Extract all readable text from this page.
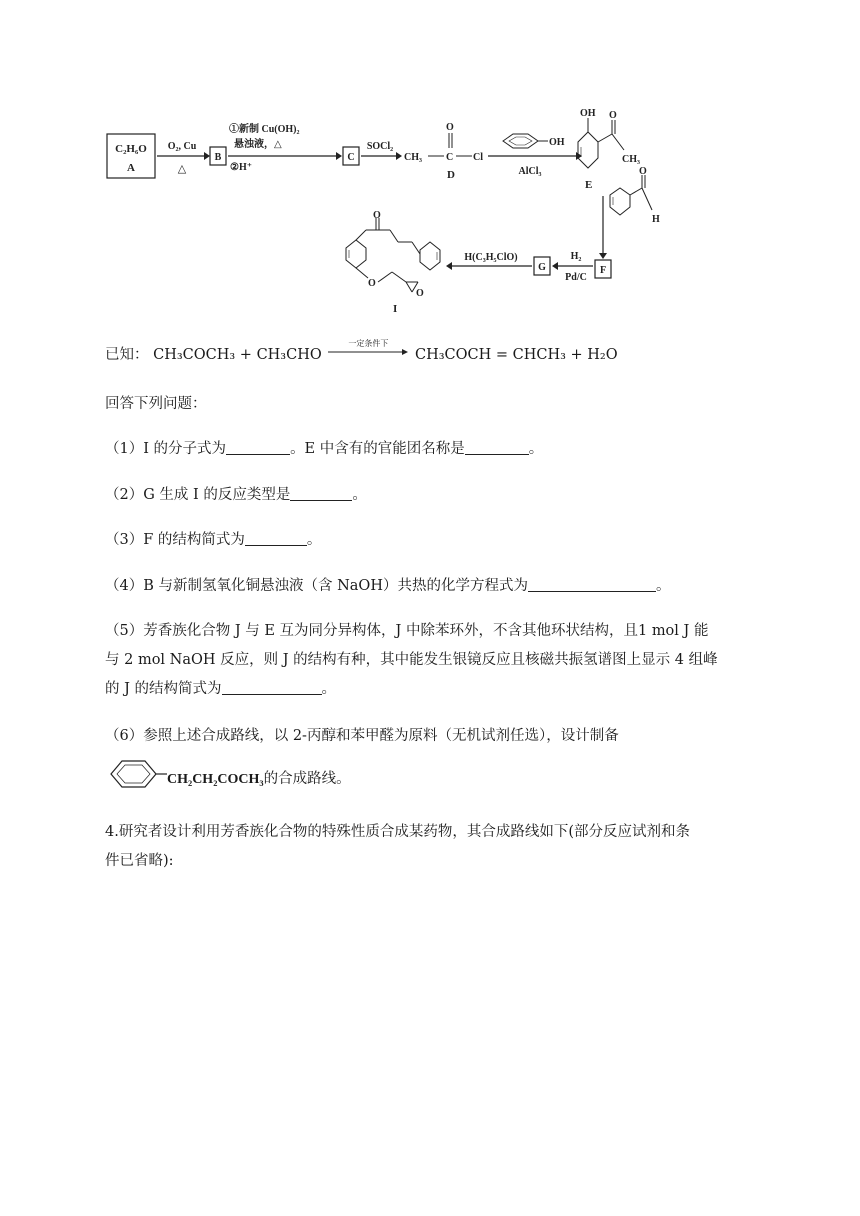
C₂H₆O
A
O₂, Cu
△
B
①新制 Cu(OH)₂
悬浊液，△
②H⁺
C
SOCl₂
CH₃ C
O
Cl
D
OH
AlCl₃
OH O
CH₃
E
O
H
F
H₂
Pd/C
G
H(C₃H₅ClO)
O
O
O
I
已知： CH₃COCH₃ + CH₃CHO
一定条件下
CH₃COCH = CHCH₃ + H₂O
回答下列问题：
（1）I 的分子式为	。E 中含有的官能团名称是	。
（2）G 生成 I 的反应类型是	。
（3）F 的结构简式为	。
（4）B 与新制氢氧化铜悬浊液（含 NaOH）共热的化学方程式为	。
（5）芳香族化合物 J 与 E 互为同分异构体，J 中除苯环外，不含其他环状结构，且1 mol J 能
与 2 mol NaOH 反应，则 J 的结构有种，其中能发生银镜反应且核磁共振氢谱图上显示 4 组峰
的 J 的结构简式为	。
（6）参照上述合成路线，以 2-丙醇和苯甲醛为原料（无机试剂任选），设计制备
CH₂CH₂COCH₃的合成路线。
4.研究者设计利用芳香族化合物的特殊性质合成某药物，其合成路线如下(部分反应试剂和条
件已省略):
